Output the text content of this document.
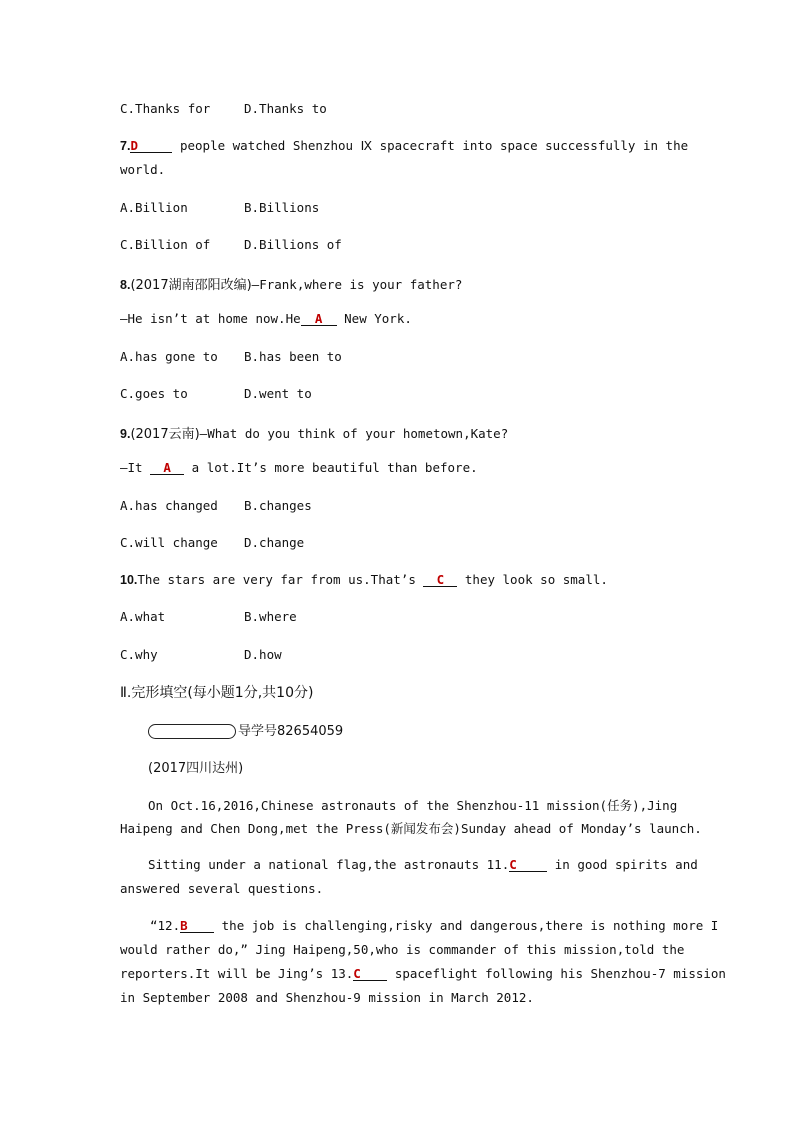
C.Thanks for	D.Thanks to
7.D	people watched Shenzhou Ⅸ spacecraft into space successfully in the
world.
A.Billion	B.Billions
C.Billion of	D.Billions of
8.(2017湖南邵阳改编)—Frank,where is your father?
—He isn’t at home now.He A New York.
A.has gone to B.has been to
C.goes to	D.went to
9.(2017云南)—What do you think of your hometown,Kate?
—It A a lot.It’s more beautiful than before.
A.has changed B.changes
C.will change D.change
10.The stars are very far from us.That’s C they look so small.
A.what	B.where
C.why	D.how
Ⅱ.完形填空(每小题1分,共10分)
导学号82654059
(2017四川达州)
On Oct.16,2016,Chinese astronauts of the Shenzhou-11 mission(任务),Jing
Haipeng and Chen Dong,met the Press(新闻发布会)Sunday ahead of Monday’s launch.
Sitting under a national flag,the astronauts 11.C	in good spirits and
answered several questions.
“12.B	the job is challenging,risky and dangerous,there is nothing more I
would rather do,” Jing Haipeng,50,who is commander of this mission,told the
reporters.It will be Jing’s 13.C	spaceflight following his Shenzhou-7 mission
in September 2008 and Shenzhou-9 mission in March 2012.
